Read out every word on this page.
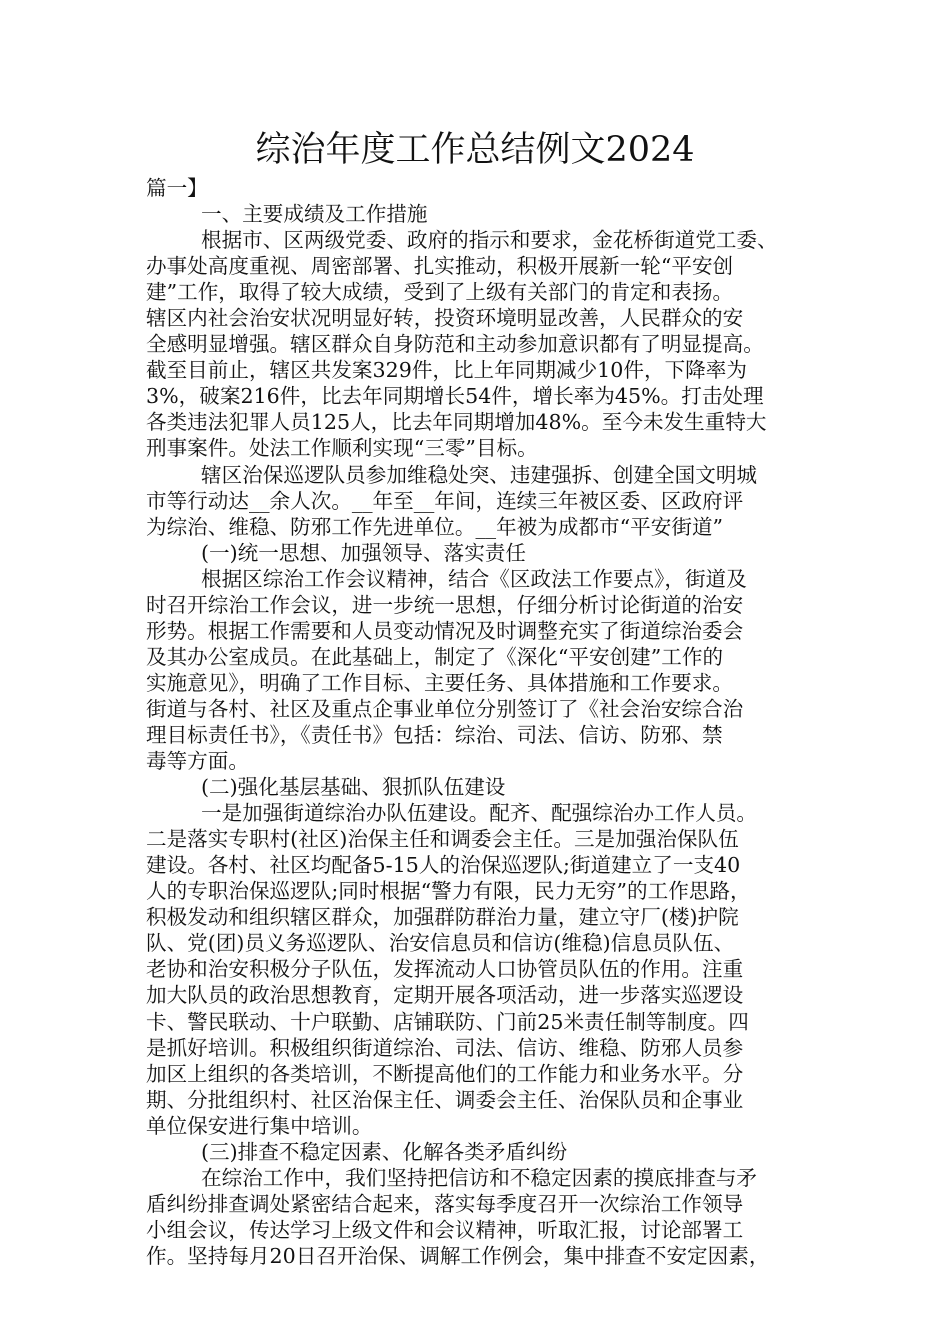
综治年度工作总结例文2024
篇一】
一、主要成绩及工作措施
根据市、区两级党委、政府的指示和要求，金花桥街道党工委、
办事处高度重视、周密部署、扎实推动，积极开展新一轮“平安创
建”工作，取得了较大成绩，受到了上级有关部门的肯定和表扬。
辖区内社会治安状况明显好转，投资环境明显改善，人民群众的安
全感明显增强。辖区群众自身防范和主动参加意识都有了明显提高。
截至目前止，辖区共发案329件，比上年同期减少10件，下降率为
3%，破案216件，比去年同期增长54件，增长率为45%。打击处理
各类违法犯罪人员125人，比去年同期增加48%。至今未发生重特大
刑事案件。处法工作顺利实现“三零”目标。
辖区治保巡逻队员参加维稳处突、违建强拆、创建全国文明城
市等行动达__余人次。__年至__年间，连续三年被区委、区政府评
为综治、维稳、防邪工作先进单位。__年被为成都市“平安街道”
(一)统一思想、加强领导、落实责任
根据区综治工作会议精神，结合《区政法工作要点》，街道及
时召开综治工作会议，进一步统一思想，仔细分析讨论街道的治安
形势。根据工作需要和人员变动情况及时调整充实了街道综治委会
及其办公室成员。在此基础上，制定了《深化“平安创建”工作的
实施意见》，明确了工作目标、主要任务、具体措施和工作要求。
街道与各村、社区及重点企事业单位分别签订了《社会治安综合治
理目标责任书》，《责任书》包括：综治、司法、信访、防邪、禁
毒等方面。
(二)强化基层基础、狠抓队伍建设
一是加强街道综治办队伍建设。配齐、配强综治办工作人员。
二是落实专职村(社区)治保主任和调委会主任。三是加强治保队伍
建设。各村、社区均配备5-15人的治保巡逻队;街道建立了一支40
人的专职治保巡逻队;同时根据“警力有限，民力无穷”的工作思路，
积极发动和组织辖区群众，加强群防群治力量，建立守厂(楼)护院
队、党(团)员义务巡逻队、治安信息员和信访(维稳)信息员队伍、
老协和治安积极分子队伍，发挥流动人口协管员队伍的作用。注重
加大队员的政治思想教育，定期开展各项活动，进一步落实巡逻设
卡、警民联动、十户联勤、店铺联防、门前25米责任制等制度。四
是抓好培训。积极组织街道综治、司法、信访、维稳、防邪人员参
加区上组织的各类培训，不断提高他们的工作能力和业务水平。分
期、分批组织村、社区治保主任、调委会主任、治保队员和企事业
单位保安进行集中培训。
(三)排查不稳定因素、化解各类矛盾纠纷
在综治工作中，我们坚持把信访和不稳定因素的摸底排查与矛
盾纠纷排查调处紧密结合起来，落实每季度召开一次综治工作领导
小组会议，传达学习上级文件和会议精神，听取汇报，讨论部署工
作。坚持每月20日召开治保、调解工作例会，集中排查不安定因素，
